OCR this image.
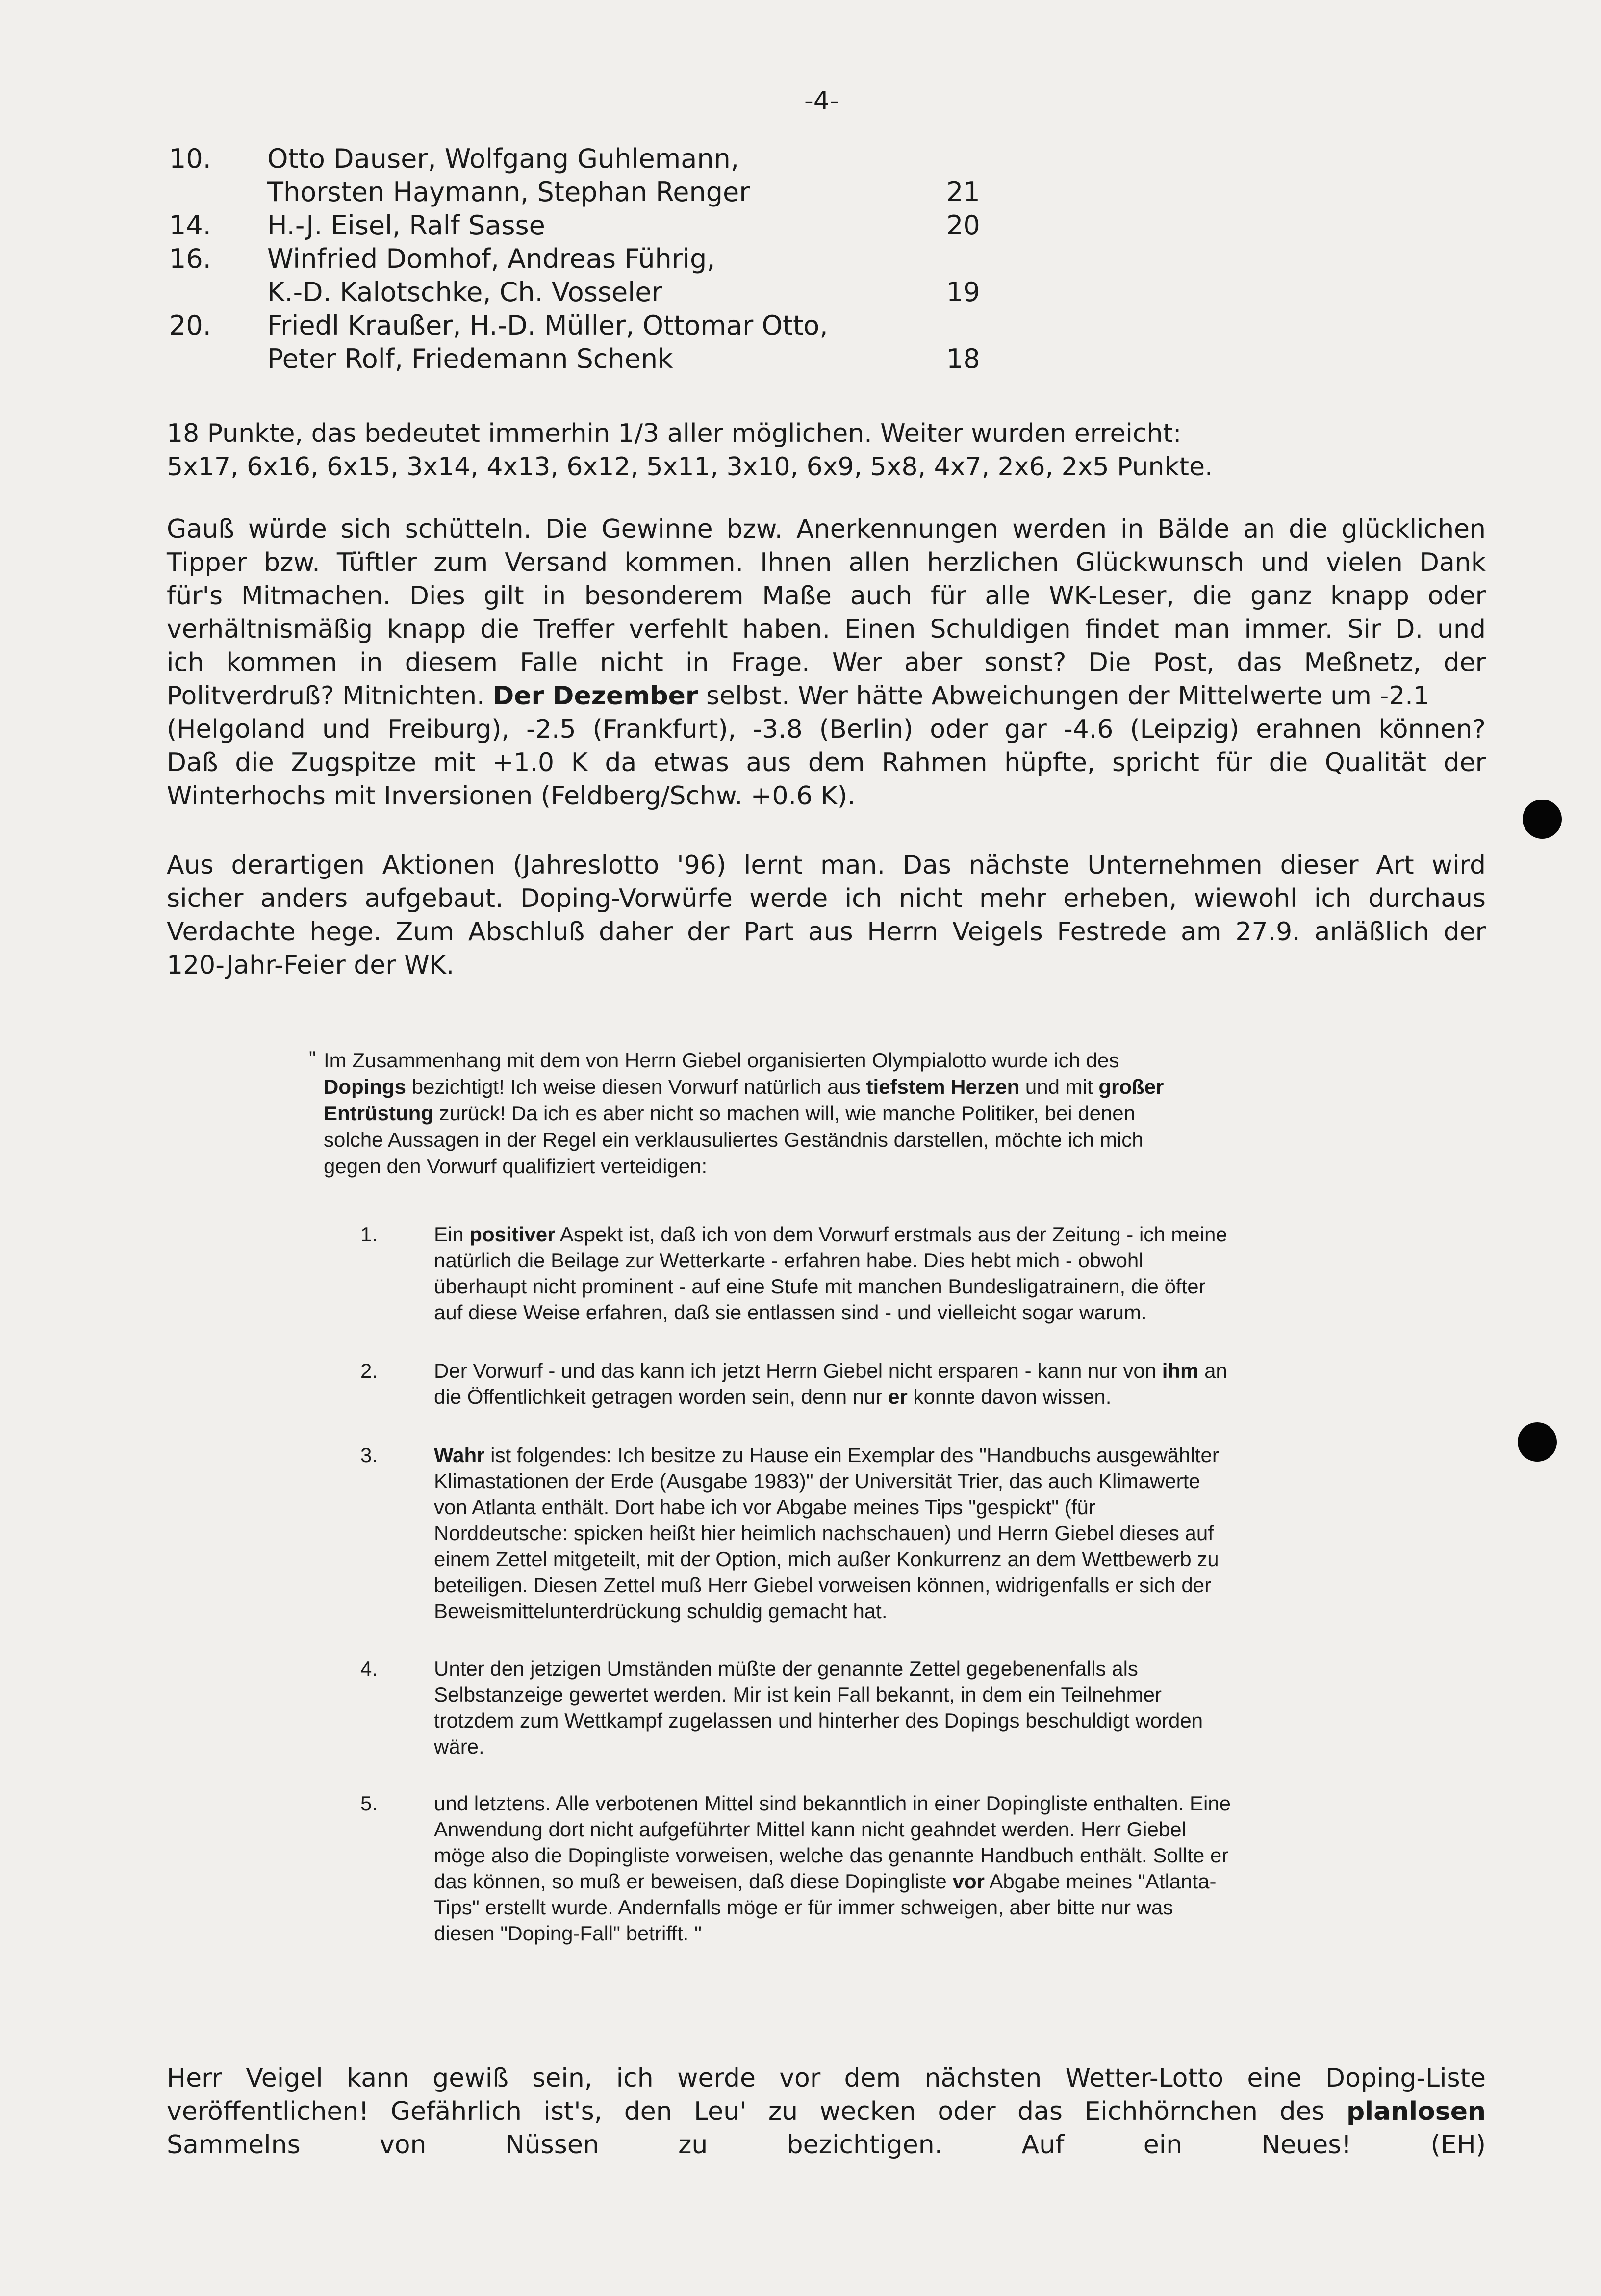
-4-
10. Otto Dauser, Wolfgang Guhlemann,
Thorsten Haymann, Stephan Renger	21
14. H.-J. Eisel, Ralf Sasse	20
16. Winfried Domhof, Andreas Führig,
K.-D. Kalotschke, Ch. Vosseler	19
20. Friedl Kraußer, H.-D. Müller, Ottomar Otto,
Peter Rolf, Friedemann Schenk	18
18 Punkte, das bedeutet immerhin 1/3 aller möglichen. Weiter wurden erreicht:
5x17, 6x16, 6x15, 3x14, 4x13, 6x12, 5x11, 3x10, 6x9, 5x8, 4x7, 2x6, 2x5 Punkte.
Gauß würde sich schütteln. Die Gewinne bzw. Anerkennungen werden in Bälde an die glücklichen
Tipper bzw. Tüftler zum Versand kommen. Ihnen allen herzlichen Glückwunsch und vielen Dank
für's Mitmachen. Dies gilt in besonderem Maße auch für alle WK-Leser, die ganz knapp oder
verhältnismäßig knapp die Treffer verfehlt haben. Einen Schuldigen findet man immer. Sir D. und
ich kommen in diesem Falle nicht in Frage. Wer aber sonst? Die Post, das Meßnetz, der
Politverdruß? Mitnichten. Der Dezember selbst. Wer hätte Abweichungen der Mittelwerte um -2.1
(Helgoland und Freiburg), -2.5 (Frankfurt), -3.8 (Berlin) oder gar -4.6 (Leipzig) erahnen können?
Daß die Zugspitze mit +1.0 K da etwas aus dem Rahmen hüpfte, spricht für die Qualität der
Winterhochs mit Inversionen (Feldberg/Schw. +0.6 K).
Aus derartigen Aktionen (Jahreslotto '96) lernt man. Das nächste Unternehmen dieser Art wird
sicher anders aufgebaut. Doping-Vorwürfe werde ich nicht mehr erheben, wiewohl ich durchaus
Verdachte hege. Zum Abschluß daher der Part aus Herrn Veigels Festrede am 27.9. anläßlich der
120-Jahr-Feier der WK.
" Im Zusammenhang mit dem von Herrn Giebel organisierten Olympialotto wurde ich des
Dopings bezichtigt! Ich weise diesen Vorwurf natürlich aus tiefstem Herzen und mit großer
Entrüstung zurück! Da ich es aber nicht so machen will, wie manche Politiker, bei denen
solche Aussagen in der Regel ein verklausuliertes Geständnis darstellen, möchte ich mich
gegen den Vorwurf qualifiziert verteidigen:
1.	Ein positiver Aspekt ist, daß ich von dem Vorwurf erstmals aus der Zeitung - ich meine
natürlich die Beilage zur Wetterkarte - erfahren habe. Dies hebt mich - obwohl
überhaupt nicht prominent - auf eine Stufe mit manchen Bundesligatrainern, die öfter
auf diese Weise erfahren, daß sie entlassen sind - und vielleicht sogar warum.
2.	Der Vorwurf - und das kann ich jetzt Herrn Giebel nicht ersparen - kann nur von ihm an
die Öffentlichkeit getragen worden sein, denn nur er konnte davon wissen.
3.	Wahr ist folgendes: Ich besitze zu Hause ein Exemplar des "Handbuchs ausgewählter
Klimastationen der Erde (Ausgabe 1983)" der Universität Trier, das auch Klimawerte
von Atlanta enthält. Dort habe ich vor Abgabe meines Tips "gespickt" (für
Norddeutsche: spicken heißt hier heimlich nachschauen) und Herrn Giebel dieses auf
einem Zettel mitgeteilt, mit der Option, mich außer Konkurrenz an dem Wettbewerb zu
beteiligen. Diesen Zettel muß Herr Giebel vorweisen können, widrigenfalls er sich der
Beweismittelunterdrückung schuldig gemacht hat.
4.	Unter den jetzigen Umständen müßte der genannte Zettel gegebenenfalls als
Selbstanzeige gewertet werden. Mir ist kein Fall bekannt, in dem ein Teilnehmer
trotzdem zum Wettkampf zugelassen und hinterher des Dopings beschuldigt worden
wäre.
5.	und letztens. Alle verbotenen Mittel sind bekanntlich in einer Dopingliste enthalten. Eine
Anwendung dort nicht aufgeführter Mittel kann nicht geahndet werden. Herr Giebel
möge also die Dopingliste vorweisen, welche das genannte Handbuch enthält. Sollte er
das können, so muß er beweisen, daß diese Dopingliste vor Abgabe meines "Atlanta-
Tips" erstellt wurde. Andernfalls möge er für immer schweigen, aber bitte nur was
diesen "Doping-Fall" betrifft. "
Herr Veigel kann gewiß sein, ich werde vor dem nächsten Wetter-Lotto eine Doping-Liste
veröffentlichen! Gefährlich ist's, den Leu' zu wecken oder das Eichhörnchen des planlosen
Sammelns von Nüssen zu bezichtigen. Auf ein Neues!	(EH)
